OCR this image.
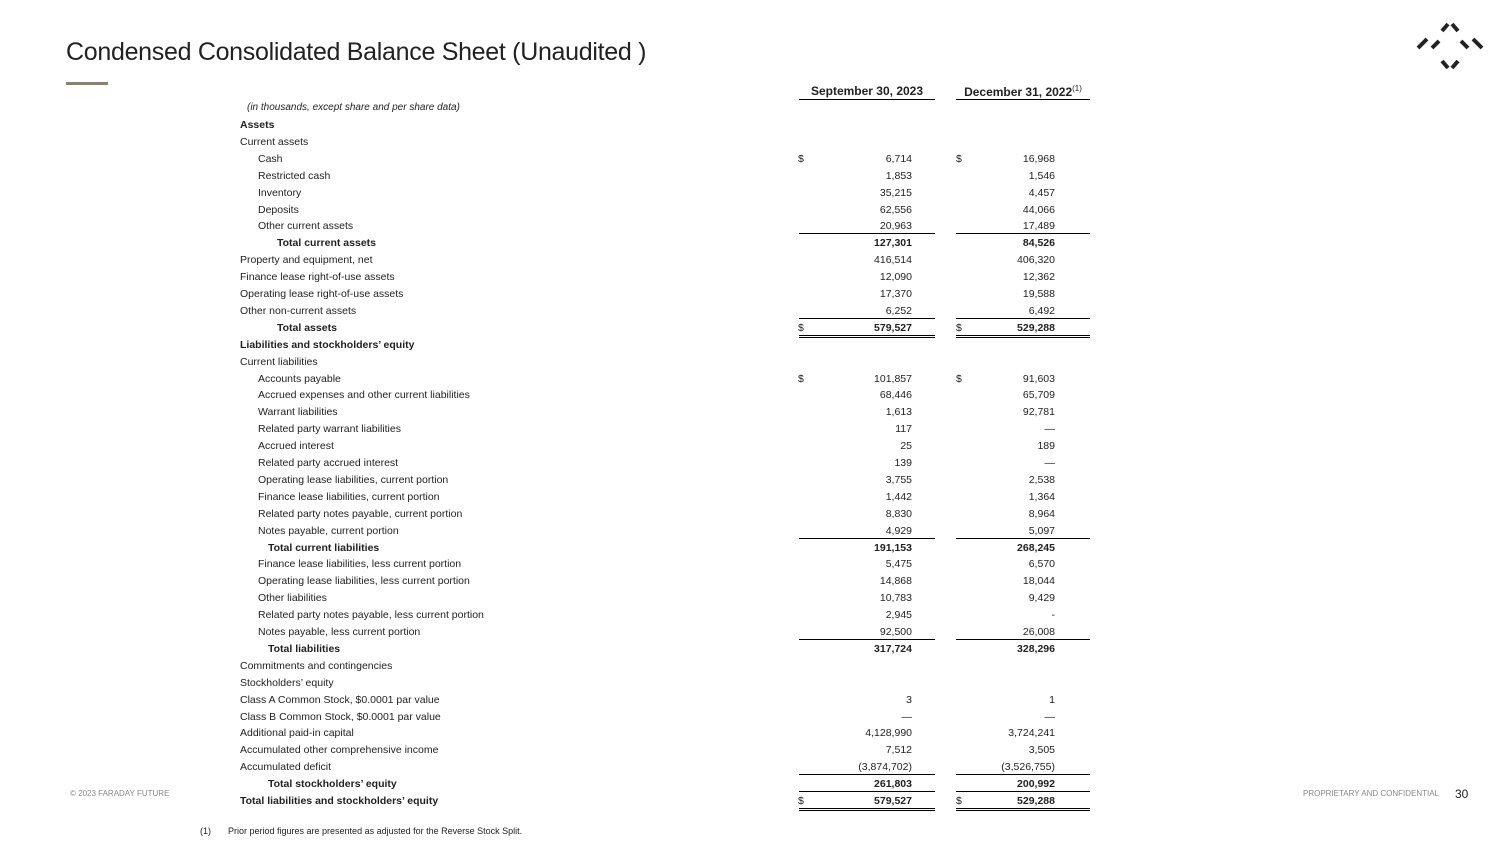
Condensed Consolidated Balance Sheet (Unaudited )
September 30, 2023	December 31, 2022$^{(1)}$
(in thousands, except share and per share data)
Assets
Current assets
Cash	$	6,714	$	16,968
Restricted cash	1,853	1,546
Inventory	35,215	4,457
Deposits	62,556	44,066
Other current assets	20,963	17,489
Total current assets	127,301	84,526
Property and equipment, net	416,514	406,320
Finance lease right-of-use assets	12,090	12,362
Operating lease right-of-use assets	17,370	19,588
Other non-current assets	6,252	6,492
Total assets	$	579,527	$	529,288
Liabilities and stockholders’ equity
Current liabilities
Accounts payable	$	101,857	$	91,603
Accrued expenses and other current liabilities	68,446	65,709
Warrant liabilities	1,613	92,781
Related party warrant liabilities	117	—
Accrued interest	25	189
Related party accrued interest	139	—
Operating lease liabilities, current portion	3,755	2,538
Finance lease liabilities, current portion	1,442	1,364
Related party notes payable, current portion	8,830	8,964
Notes payable, current portion	4,929	5,097
Total current liabilities	191,153	268,245
Finance lease liabilities, less current portion	5,475	6,570
Operating lease liabilities, less current portion	14,868	18,044
Other liabilities	10,783	9,429
Related party notes payable, less current portion	2,945	-
Notes payable, less current portion	92,500	26,008
Total liabilities	317,724	328,296
Commitments and contingencies
Stockholders’ equity
Class A Common Stock, $0.0001 par value	3	1
Class B Common Stock, $0.0001 par value	—	—
Additional paid-in capital	4,128,990	3,724,241
Accumulated other comprehensive income	7,512	3,505
Accumulated deficit	(3,874,702)	(3,526,755)
Total stockholders’ equity	261,803	200,992
Total liabilities and stockholders’ equity	$	579,527	$	529,288
© 2023 FARADAY FUTURE	PROPRIETARY AND CONFIDENTIAL 30
(1) Prior period figures are presented as adjusted for the Reverse Stock Split.
